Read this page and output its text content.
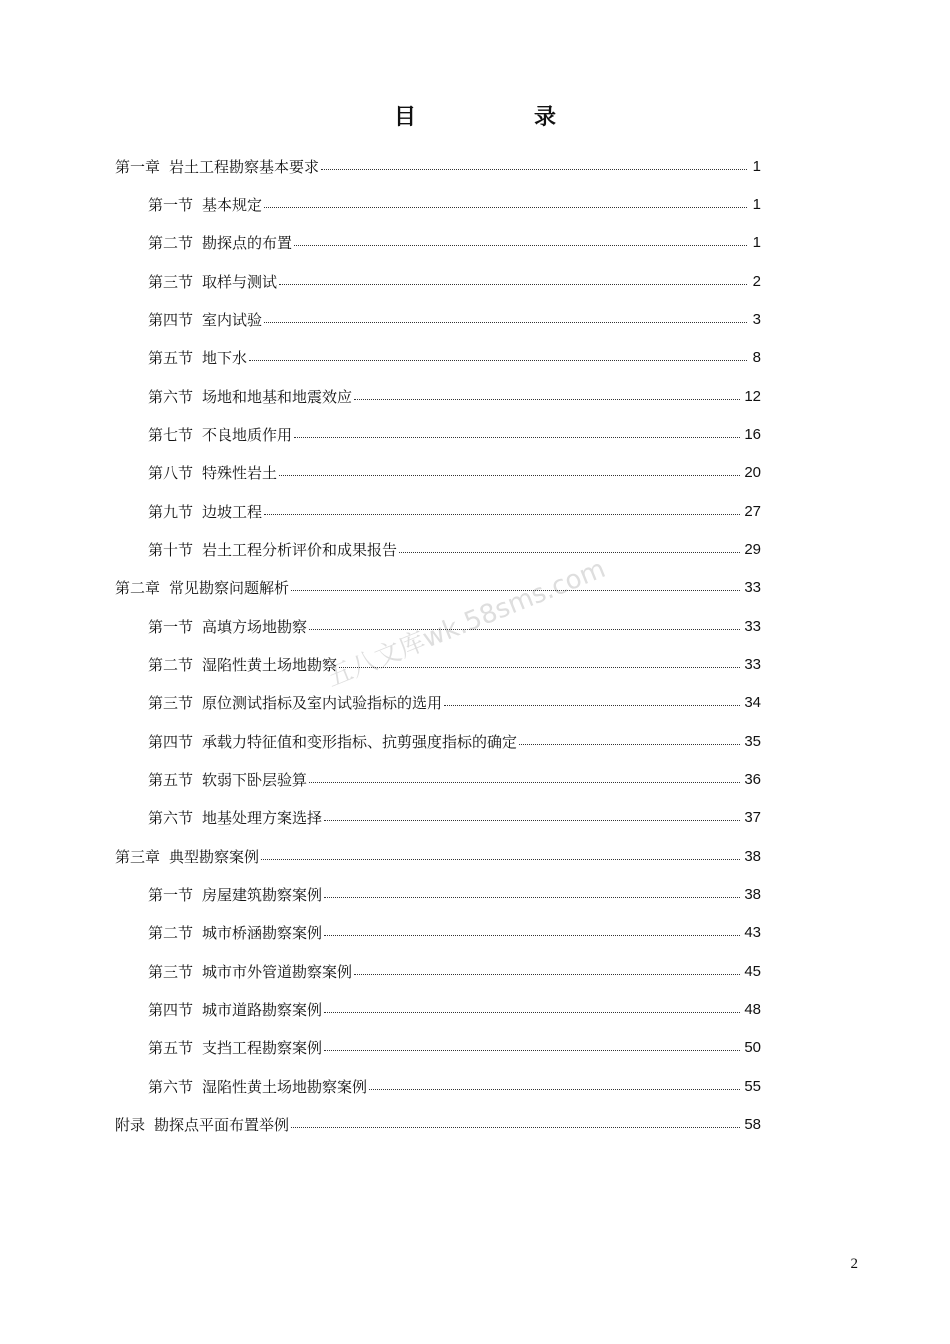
目　录
五八文库wk.58sms.com
第一章 岩土工程勘察基本要求	1
第一节 基本规定	1
第二节 勘探点的布置	1
第三节 取样与测试	2
第四节 室内试验	3
第五节 地下水	8
第六节 场地和地基和地震效应	12
第七节 不良地质作用	16
第八节 特殊性岩土	20
第九节 边坡工程	27
第十节 岩土工程分析评价和成果报告	29
第二章 常见勘察问题解析	33
第一节 高填方场地勘察	33
第二节 湿陷性黄土场地勘察	33
第三节 原位测试指标及室内试验指标的选用	34
第四节 承载力特征值和变形指标、抗剪强度指标的确定	35
第五节 软弱下卧层验算	36
第六节 地基处理方案选择	37
第三章 典型勘察案例	38
第一节 房屋建筑勘察案例	38
第二节 城市桥涵勘察案例	43
第三节 城市市外管道勘察案例	45
第四节 城市道路勘察案例	48
第五节 支挡工程勘察案例	50
第六节 湿陷性黄土场地勘察案例	55
附录 勘探点平面布置举例	58
2
